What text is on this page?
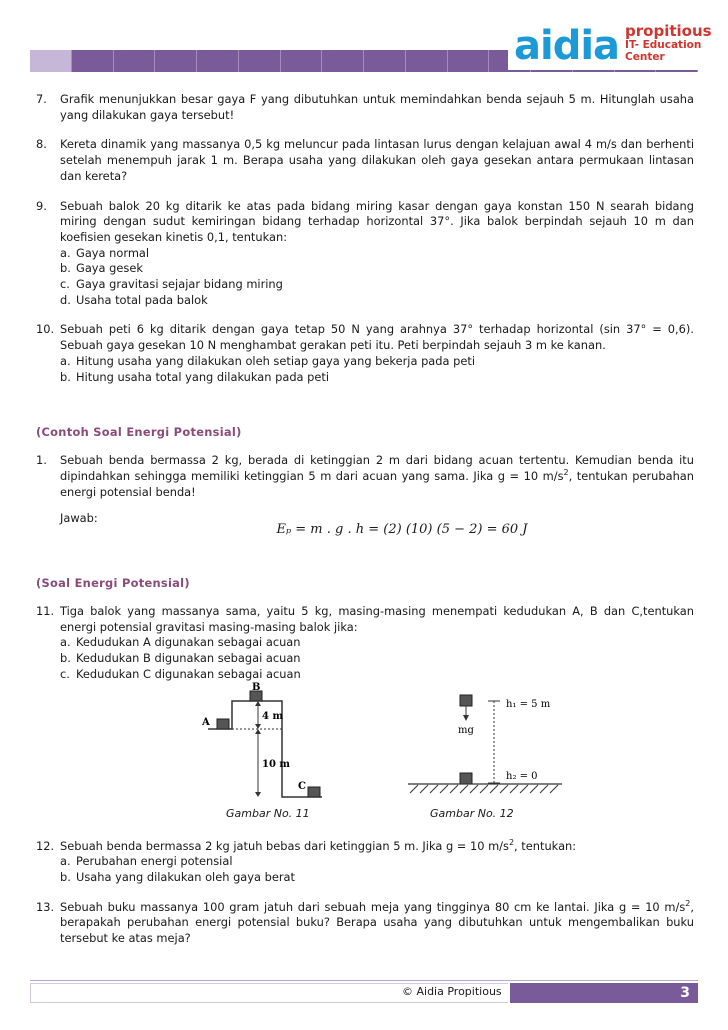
aidia propitious
IT- Education Center
7.	Grafik menunjukkan besar gaya F yang dibutuhkan untuk memindahkan benda sejauh 5 m. Hitunglah usaha yang dilakukan gaya tersebut!
8.	Kereta dinamik yang massanya 0,5 kg meluncur pada lintasan lurus dengan kelajuan awal 4 m/s dan berhenti setelah menempuh jarak 1 m. Berapa usaha yang dilakukan oleh gaya gesekan antara permukaan lintasan dan kereta?
9.	Sebuah balok 20 kg ditarik ke atas pada bidang miring kasar dengan gaya konstan 150 N searah bidang miring dengan sudut kemiringan bidang terhadap horizontal 37°. Jika balok berpindah sejauh 10 m dan koefisien gesekan kinetis 0,1, tentukan:
a. Gaya normal
b. Gaya gesek
c. Gaya gravitasi sejajar bidang miring
d. Usaha total pada balok
10. Sebuah peti 6 kg ditarik dengan gaya tetap 50 N yang arahnya 37° terhadap horizontal (sin 37° = 0,6). Sebuah gaya gesekan 10 N menghambat gerakan peti itu. Peti berpindah sejauh 3 m ke kanan.
a. Hitung usaha yang dilakukan oleh setiap gaya yang bekerja pada peti
b. Hitung usaha total yang dilakukan pada peti
(Contoh Soal Energi Potensial)
1.	Sebuah benda bermassa 2 kg, berada di ketinggian 2 m dari bidang acuan tertentu. Kemudian benda itu dipindahkan sehingga memiliki ketinggian 5 m dari acuan yang sama. Jika g = 10 $m/s^2$, tentukan perubahan energi potensial benda!
Jawab:
Eₚ = m . g . h = (2) (10) (5 − 2) = 60 J
(Soal Energi Potensial)
11. Tiga balok yang massanya sama, yaitu 5 kg, masing-masing menempati kedudukan A, B dan C,tentukan energi potensial gravitasi masing-masing balok jika:
a. Kedudukan A digunakan sebagai acuan
b. Kedudukan B digunakan sebagai acuan
c. Kedudukan C digunakan sebagai acuan
A
B
C
4 m
10 m
Gambar No. 11
mg
h₁ = 5 m
h₂ = 0
Gambar No. 12
12. Sebuah benda bermassa 2 kg jatuh bebas dari ketinggian 5 m. Jika g = 10 $m/s^2$, tentukan:
a. Perubahan energi potensial
b. Usaha yang dilakukan oleh gaya berat
13. Sebuah buku massanya 100 gram jatuh dari sebuah meja yang tingginya 80 cm ke lantai. Jika g = 10 $m/s^2$, berapakah perubahan energi potensial buku? Berapa usaha yang dibutuhkan untuk mengembalikan buku tersebut ke atas meja?
© Aidia Propitious	3
